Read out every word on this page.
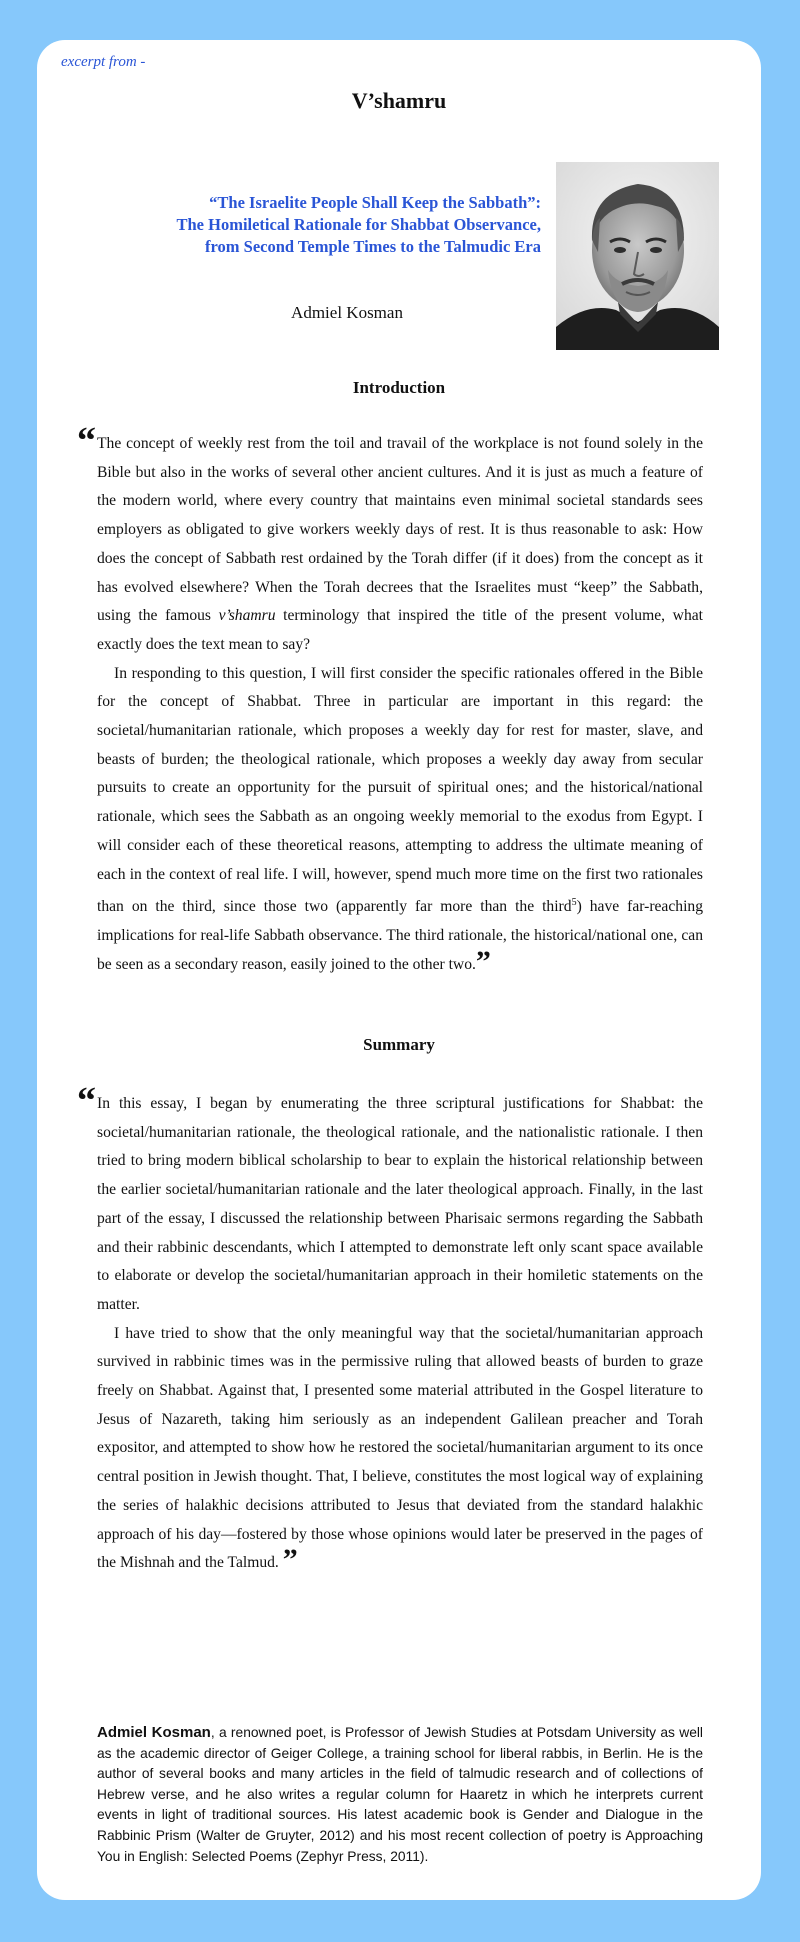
excerpt from -
V’shamru
“The Israelite People Shall Keep the Sabbath”:
The Homiletical Rationale for Shabbat Observance,
from Second Temple Times to the Talmudic Era
Admiel Kosman
Introduction
“ The concept of weekly rest from the toil and travail of the workplace is not found solely in the Bible but also in the works of several other ancient cultures. And it is just as much a feature of the modern world, where every country that maintains even minimal societal standards sees employers as obligated to give workers weekly days of rest. It is thus reasonable to ask: How does the concept of Sabbath rest ordained by the Torah differ (if it does) from the concept as it has evolved elsewhere? When the Torah decrees that the Israelites must “keep” the Sabbath, using the famous v’shamru terminology that inspired the title of the present volume, what exactly does the text mean to say?

In responding to this question, I will first consider the specific rationales offered in the Bible for the concept of Shabbat. Three in particular are important in this regard: the societal/humanitarian rationale, which proposes a weekly day for rest for master, slave, and beasts of burden; the theological rationale, which proposes a weekly day away from secular pursuits to create an opportunity for the pursuit of spiritual ones; and the historical/national rationale, which sees the Sabbath as an ongoing weekly memorial to the exodus from Egypt. I will consider each of these theoretical reasons, attempting to address the ultimate meaning of each in the context of real life. I will, however, spend much more time on the first two rationales than on the third, since those two (apparently far more than the third$^5$) have far-reaching implications for real-life Sabbath observance. The third rationale, the historical/national one, can be seen as a secondary reason, easily joined to the other two.”

Summary
“ In this essay, I began by enumerating the three scriptural justifications for Shabbat: the societal/humanitarian rationale, the theological rationale, and the nationalistic rationale. I then tried to bring modern biblical scholarship to bear to explain the historical relationship between the earlier societal/humanitarian rationale and the later theological approach. Finally, in the last part of the essay, I discussed the relationship between Pharisaic sermons regarding the Sabbath and their rabbinic descendants, which I attempted to demonstrate left only scant space available to elaborate or develop the societal/humanitarian approach in their homiletic statements on the matter.

I have tried to show that the only meaningful way that the societal/humanitarian approach survived in rabbinic times was in the permissive ruling that allowed beasts of burden to graze freely on Shabbat. Against that, I presented some material attributed in the Gospel literature to Jesus of Nazareth, taking him seriously as an independent Galilean preacher and Torah expositor, and attempted to show how he restored the societal/humanitarian argument to its once central position in Jewish thought. That, I believe, constitutes the most logical way of explaining the series of halakhic decisions attributed to Jesus that deviated from the standard halakhic approach of his day—fostered by those whose opinions would later be preserved in the pages of the Mishnah and the Talmud. ”

Admiel Kosman, a renowned poet, is Professor of Jewish Studies at Potsdam University as well as the academic director of Geiger College, a training school for liberal rabbis, in Berlin. He is the author of several books and many articles in the field of talmudic research and of collections of Hebrew verse, and he also writes a regular column for Haaretz in which he interprets current events in light of traditional sources. His latest academic book is Gender and Dialogue in the Rabbinic Prism (Walter de Gruyter, 2012) and his most recent collection of poetry is Approaching You in English: Selected Poems (Zephyr Press, 2011).
